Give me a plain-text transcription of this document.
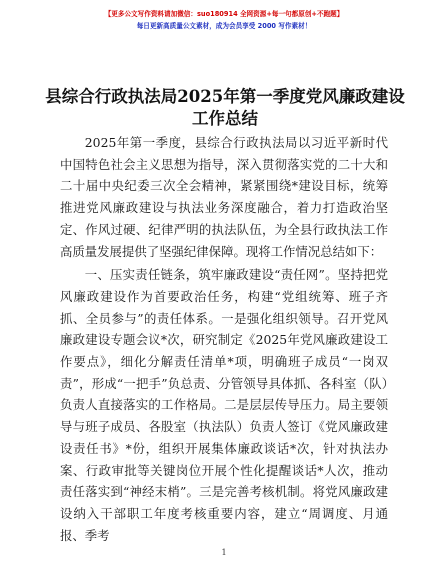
【更多公文写作资料请加微信：suo180914 全网资源+每一句都原创+不跑题】
每日更新高质量公文素材，成为会员享受 2000 写作素材！
县综合行政执法局2025年第一季度党风廉政建设工作总结

2025年第一季度，县综合行政执法局以习近平新时代中国特色社会主义思想为指导，深入贯彻落实党的二十大和二十届中央纪委三次全会精神，紧紧围绕*建设目标，统筹推进党风廉政建设与执法业务深度融合，着力打造政治坚定、作风过硬、纪律严明的执法队伍，为全县行政执法工作高质量发展提供了坚强纪律保障。现将工作情况总结如下：

一、压实责任链条，筑牢廉政建设“责任网”。坚持把党风廉政建设作为首要政治任务，构建“党组统筹、班子齐抓、全员参与”的责任体系。一是强化组织领导。召开党风廉政建设专题会议*次，研究制定《2025年党风廉政建设工作要点》，细化分解责任清单*项，明确班子成员“一岗双责”，形成“一把手”负总责、分管领导具体抓、各科室（队）负责人直接落实的工作格局。二是层层传导压力。局主要领导与班子成员、各股室（执法队）负责人签订《党风廉政建设责任书》*份，组织开展集体廉政谈话*次，针对执法办案、行政审批等关键岗位开展个性化提醒谈话*人次，推动责任落实到“神经末梢”。三是完善考核机制。将党风廉政建设纳入干部职工年度考核重要内容，建立“周调度、月通报、季考

1
